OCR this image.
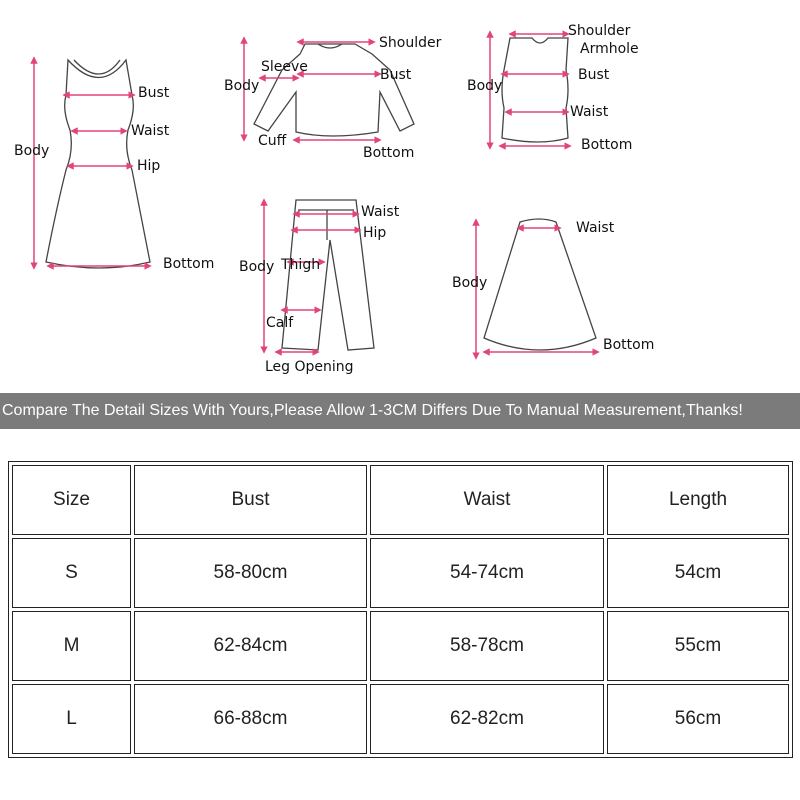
Bust
Waist
Hip
Body
Bottom
Shoulder
Sleeve
Body
Bust
Cuff
Bottom
Shoulder
Armhole
Bust
Body
Waist
Bottom
Waist
Hip
Body Thigh
Calf
Leg Opening
Waist
Body
Bottom
Compare The Detail Sizes With Yours,Please Allow 1-3CM Differs Due To Manual Measurement,Thanks!
Size	Bust	Waist	Length
S	58-80cm	54-74cm	54cm
M	62-84cm	58-78cm	55cm
L	66-88cm	62-82cm	56cm
